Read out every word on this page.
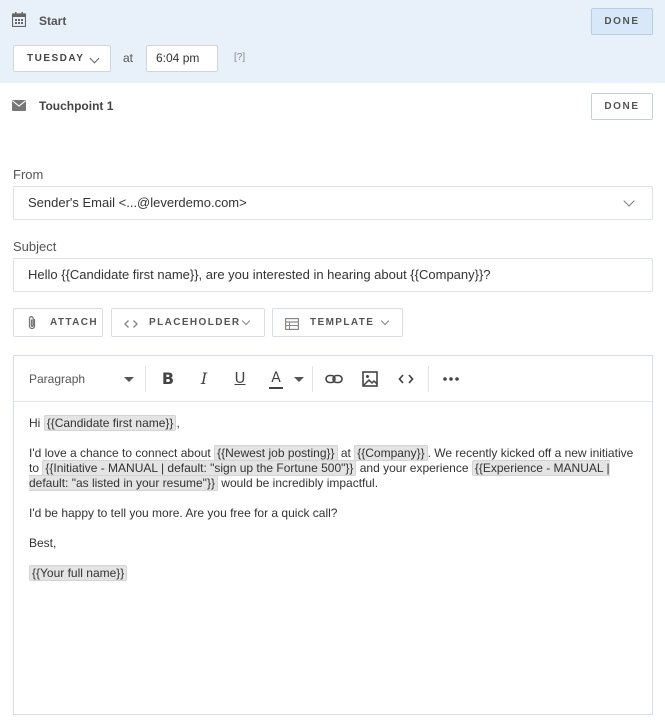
Start	DONE
TUESDAY	at	6:04 pm	[?]
Touchpoint 1	DONE
From
Sender's Email <...@leverdemo.com>
Subject
Hello {{Candidate first name}}, are you interested in hearing about {{Company}}?
ATTACH	PLACEHOLDER	TEMPLATE
Paragraph	B	I	U	A

Hi {{Candidate first name}} ,

I'd love a chance to connect about {{Newest job posting}} at {{Company}} . We recently kicked off a new initiative to {{Initiative - MANUAL | default: "sign up the Fortune 500"}} and your experience {{Experience - MANUAL | default: "as listed in your resume"}} would be incredibly impactful.

I'd be happy to tell you more. Are you free for a quick call?

Best,

{{Your full name}}
